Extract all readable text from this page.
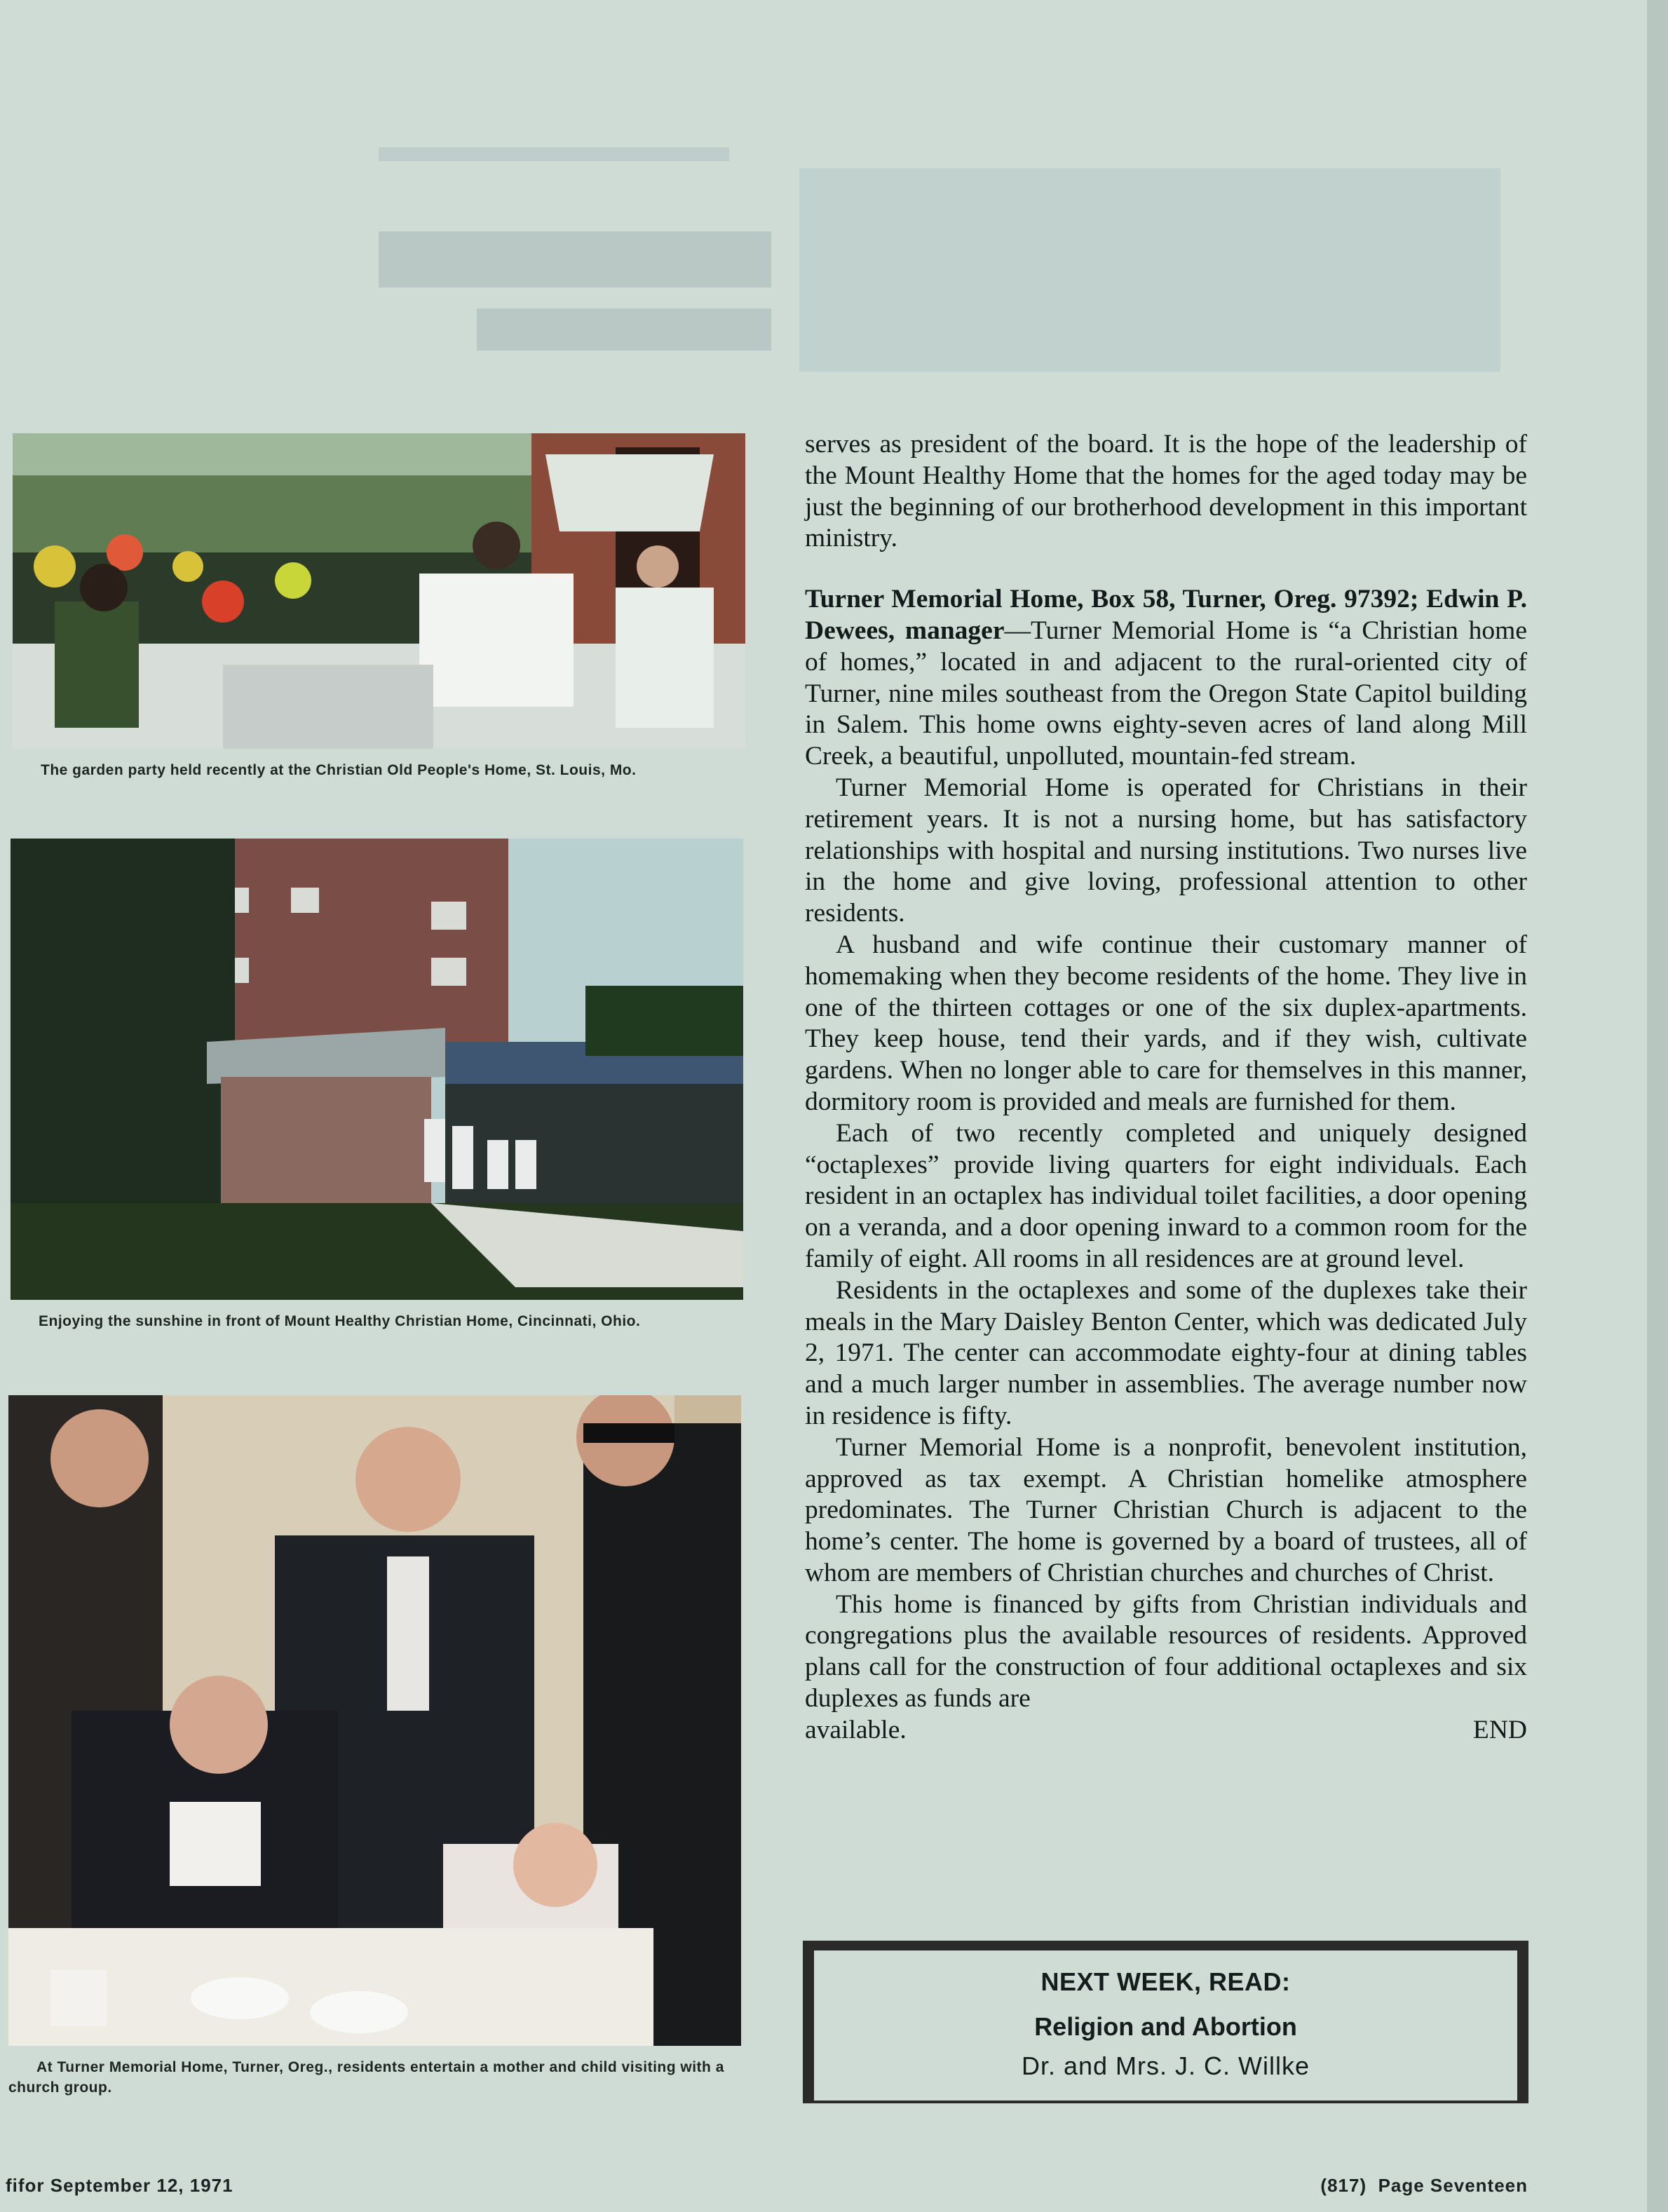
The garden party held recently at the Christian Old People's Home, St. Louis, Mo.
Enjoying the sunshine in front of Mount Healthy Christian Home, Cincinnati, Ohio.
At Turner Memorial Home, Turner, Oreg., residents entertain a mother and child visiting with a church group.

serves as president of the board. It is the hope of the leadership of the Mount Healthy Home that the homes for the aged today may be just the beginning of our brotherhood development in this important ministry.

Turner Memorial Home, Box 58, Turner, Oreg. 97392; Edwin P. Dewees, manager—Turner Memorial Home is “a Christian home of homes,” located in and adjacent to the rural-oriented city of Turner, nine miles southeast from the Oregon State Capitol building in Salem. This home owns eighty-seven acres of land along Mill Creek, a beautiful, unpolluted, mountain-fed stream.

Turner Memorial Home is operated for Christians in their retirement years. It is not a nursing home, but has satisfactory relationships with hospital and nursing institutions. Two nurses live in the home and give loving, professional attention to other residents.

A husband and wife continue their customary manner of homemaking when they become residents of the home. They live in one of the thirteen cottages or one of the six duplex-apartments. They keep house, tend their yards, and if they wish, cultivate gardens. When no longer able to care for themselves in this manner, dormitory room is provided and meals are furnished for them.

Each of two recently completed and uniquely designed “octaplexes” provide living quarters for eight individuals. Each resident in an octaplex has individual toilet facilities, a door opening on a veranda, and a door opening inward to a common room for the family of eight. All rooms in all residences are at ground level.

Residents in the octaplexes and some of the duplexes take their meals in the Mary Daisley Benton Center, which was dedicated July 2, 1971. The center can accommodate eighty-four at dining tables and a much larger number in assemblies. The average number now in residence is fifty.

Turner Memorial Home is a nonprofit, benevolent institution, approved as tax exempt. A Christian homelike atmosphere predominates. The Turner Christian Church is adjacent to the home’s center. The home is governed by a board of trustees, all of whom are members of Christian churches and churches of Christ.

This home is financed by gifts from Christian individuals and congregations plus the available resources of residents. Approved plans call for the construction of four additional octaplexes and six duplexes as funds are

available.	END
NEXT WEEK, READ:
Religion and Abortion
Dr. and Mrs. J. C. Willke
fifor September 12, 1971	(817)  Page Seventeen
